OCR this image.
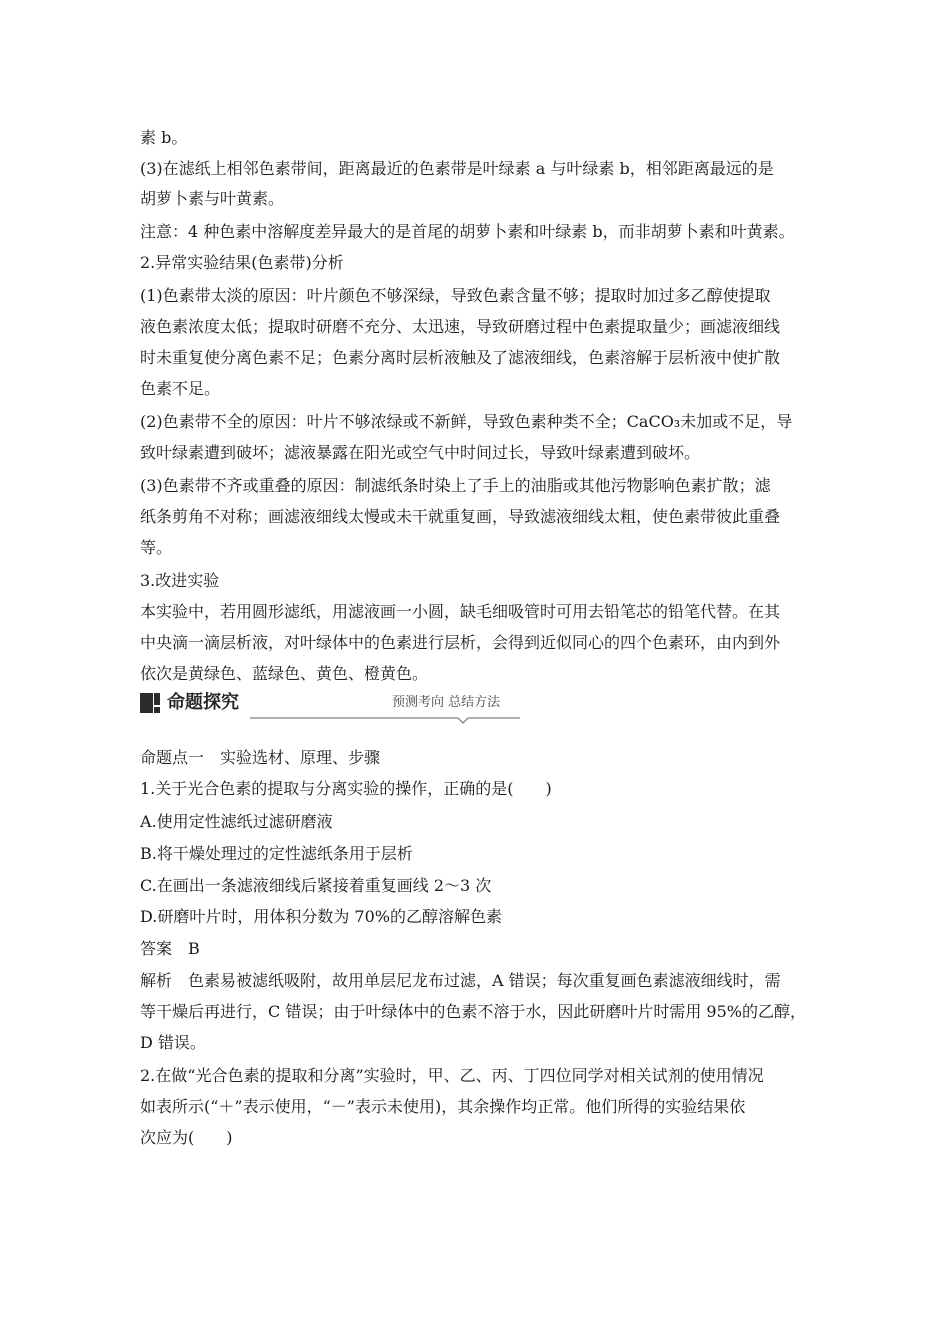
素 b。
(3)在滤纸上相邻色素带间，距离最近的色素带是叶绿素 a 与叶绿素 b，相邻距离最远的是
胡萝卜素与叶黄素。
注意：4 种色素中溶解度差异最大的是首尾的胡萝卜素和叶绿素 b，而非胡萝卜素和叶黄素。
2.异常实验结果(色素带)分析
(1)色素带太淡的原因：叶片颜色不够深绿，导致色素含量不够；提取时加过多乙醇使提取
液色素浓度太低；提取时研磨不充分、太迅速，导致研磨过程中色素提取量少；画滤液细线
时未重复使分离色素不足；色素分离时层析液触及了滤液细线，色素溶解于层析液中使扩散
色素不足。
(2)色素带不全的原因：叶片不够浓绿或不新鲜，导致色素种类不全；CaCO₃未加或不足，导
致叶绿素遭到破坏；滤液暴露在阳光或空气中时间过长，导致叶绿素遭到破坏。
(3)色素带不齐或重叠的原因：制滤纸条时染上了手上的油脂或其他污物影响色素扩散；滤
纸条剪角不对称；画滤液细线太慢或未干就重复画，导致滤液细线太粗，使色素带彼此重叠
等。
3.改进实验
本实验中，若用圆形滤纸，用滤液画一小圆，缺毛细吸管时可用去铅笔芯的铅笔代替。在其
中央滴一滴层析液，对叶绿体中的色素进行层析，会得到近似同心的四个色素环，由内到外
依次是黄绿色、蓝绿色、黄色、橙黄色。
命题探究	预测考向 总结方法
命题点一　实验选材、原理、步骤
1.关于光合色素的提取与分离实验的操作，正确的是(　　)
A.使用定性滤纸过滤研磨液
B.将干燥处理过的定性滤纸条用于层析
C.在画出一条滤液细线后紧接着重复画线 2～3 次
D.研磨叶片时，用体积分数为 70%的乙醇溶解色素
答案　B
解析　色素易被滤纸吸附，故用单层尼龙布过滤，A 错误；每次重复画色素滤液细线时，需
等干燥后再进行，C 错误；由于叶绿体中的色素不溶于水，因此研磨叶片时需用 95%的乙醇，
D 错误。
2.在做“光合色素的提取和分离”实验时，甲、乙、丙、丁四位同学对相关试剂的使用情况
如表所示(“＋”表示使用，“－”表示未使用)，其余操作均正常。他们所得的实验结果依
次应为(　　)
